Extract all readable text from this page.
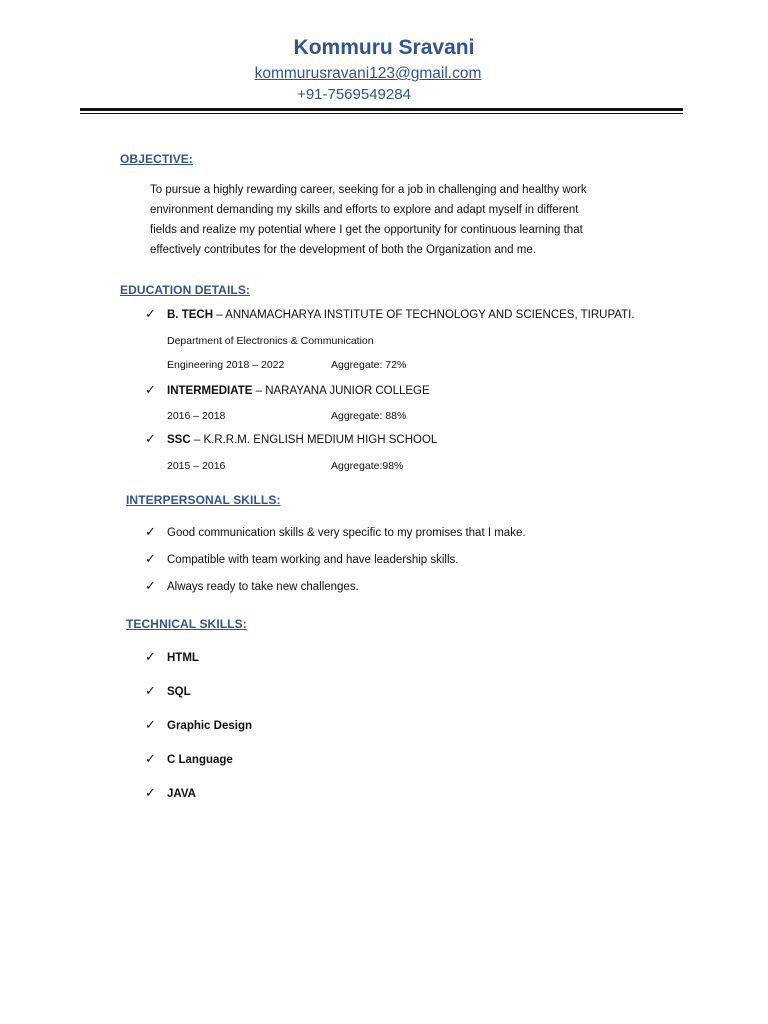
Kommuru Sravani
kommurusravani123@gmail.com
+91-7569549284
OBJECTIVE:
To pursue a highly rewarding career, seeking for a job in challenging and healthy work
environment demanding my skills and efforts to explore and adapt myself in different
fields and realize my potential where I get the opportunity for continuous learning that
effectively contributes for the development of both the Organization and me.
EDUCATION DETAILS:
✓ B. TECH – ANNAMACHARYA INSTITUTE OF TECHNOLOGY AND SCIENCES, TIRUPATI.
Department of Electronics & Communication
Engineering 2018 – 2022	Aggregate: 72%
✓ INTERMEDIATE – NARAYANA JUNIOR COLLEGE
2016 – 2018	Aggregate: 88%
✓ SSC – K.R.R.M. ENGLISH MEDIUM HIGH SCHOOL
2015 – 2016	Aggregate:98%
INTERPERSONAL SKILLS:
✓ Good communication skills & very specific to my promises that I make.
✓ Compatible with team working and have leadership skills.
✓ Always ready to take new challenges.
TECHNICAL SKILLS:
✓ HTML
✓ SQL
✓ Graphic Design
✓ C Language
✓ JAVA
